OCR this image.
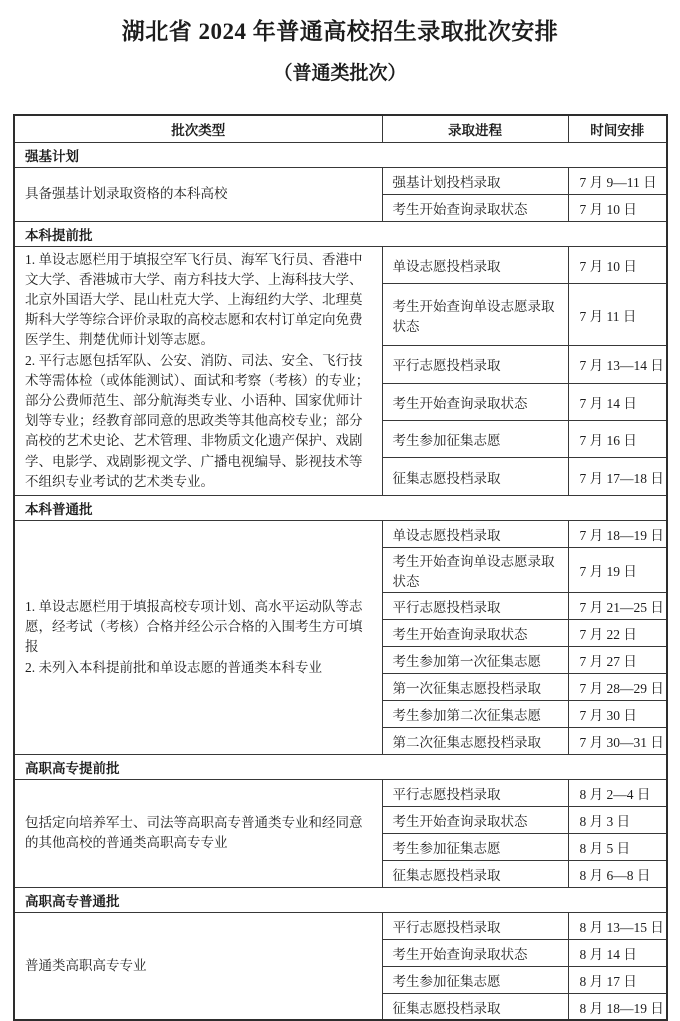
湖北省 2024 年普通高校招生录取批次安排
（普通类批次）
批次类型	录取进程	时间安排
强基计划		

具备强基计划录取资格的本科高校	强基计划投档录取	7 月 9—11 日
	考生开始查询录取状态	7 月 10 日
本科提前批		

1. 单设志愿栏用于填报空军飞行员、海军飞行员、香港中文大学、香港城市大学、南方科技大学、上海科技大学、北京外国语大学、昆山杜克大学、上海纽约大学、北理莫斯科大学等综合评价录取的高校志愿和农村订单定向免费医学生、荆楚优师计划等志愿。
2. 平行志愿包括军队、公安、消防、司法、安全、飞行技术等需体检（或体能测试）、面试和考察（考核）的专业；部分公费师范生、部分航海类专业、小语种、国家优师计划等专业；经教育部同意的思政类等其他高校专业；部分高校的艺术史论、艺术管理、非物质文化遗产保护、戏剧学、电影学、戏剧影视文学、广播电视编导、影视技术等不组织专业考试的艺术类专业。	单设志愿投档录取	7 月 10 日
	考生开始查询单设志愿录取状态	7 月 11 日
	平行志愿投档录取	7 月 13—14 日
	考生开始查询录取状态	7 月 14 日
	考生参加征集志愿	7 月 16 日
	征集志愿投档录取	7 月 17—18 日
本科普通批		

1. 单设志愿栏用于填报高校专项计划、高水平运动队等志愿，经考试（考核）合格并经公示合格的入围考生方可填报
2. 未列入本科提前批和单设志愿的普通类本科专业	单设志愿投档录取	7 月 18—19 日
	考生开始查询单设志愿录取状态	7 月 19 日
	平行志愿投档录取	7 月 21—25 日
	考生开始查询录取状态	7 月 22 日
	考生参加第一次征集志愿	7 月 27 日
	第一次征集志愿投档录取	7 月 28—29 日
	考生参加第二次征集志愿	7 月 30 日
	第二次征集志愿投档录取	7 月 30—31 日
高职高专提前批		

包括定向培养军士、司法等高职高专普通类专业和经同意的其他高校的普通类高职高专专业	平行志愿投档录取	8 月 2—4 日
	考生开始查询录取状态	8 月 3 日
	考生参加征集志愿	8 月 5 日
	征集志愿投档录取	8 月 6—8 日
高职高专普通批		

普通类高职高专专业	平行志愿投档录取	8 月 13—15 日
	考生开始查询录取状态	8 月 14 日
	考生参加征集志愿	8 月 17 日
	征集志愿投档录取	8 月 18—19 日
